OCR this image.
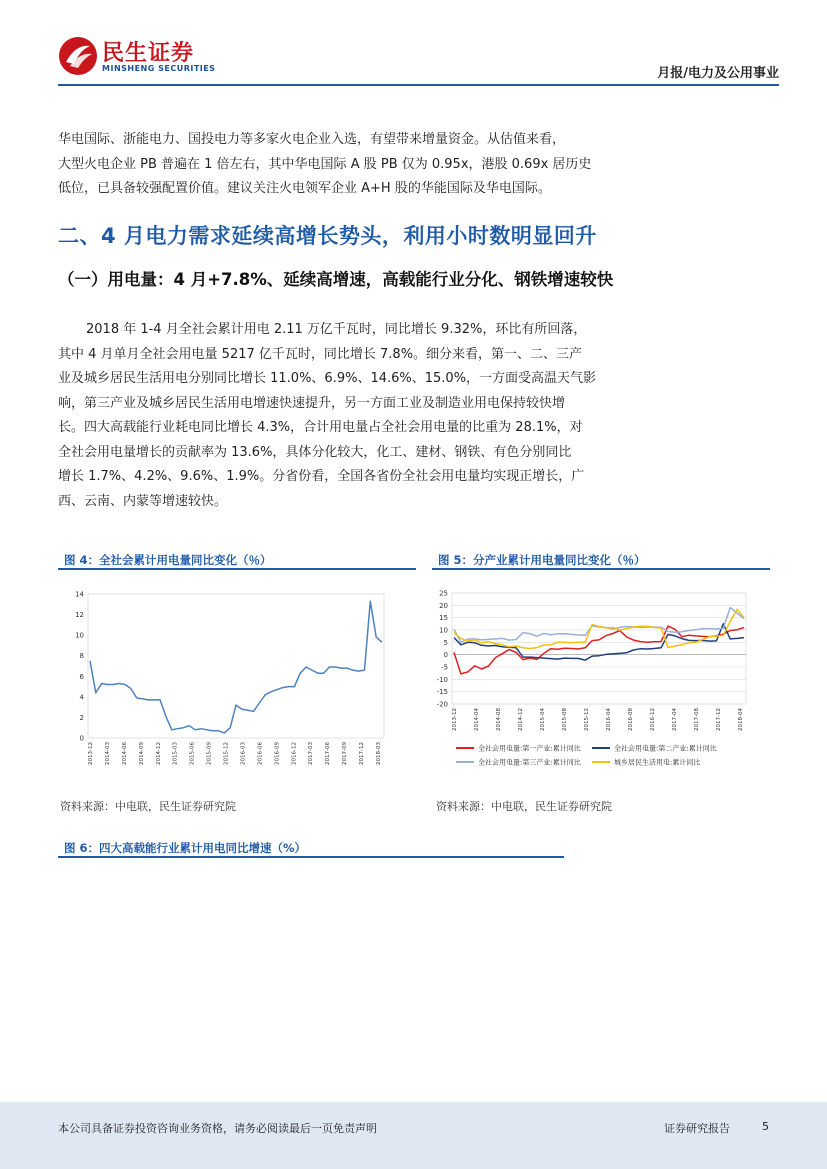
民生证券
MINSHENG SECURITIES	月报/电力及公用事业
华电国际、浙能电力、国投电力等多家火电企业入选，有望带来增量资金。从估值来看，
大型火电企业 PB 普遍在 1 倍左右，其中华电国际 A 股 PB 仅为 0.95x，港股 0.69x 居历史
低位，已具备较强配置价值。建议关注火电领军企业 A+H 股的华能国际及华电国际。
二、4 月电力需求延续高增长势头，利用小时数明显回升
（一）用电量：4 月+7.8%、延续高增速，高载能行业分化、钢铁增速较快
2018 年 1-4 月全社会累计用电 2.11 万亿千瓦时，同比增长 9.32%，环比有所回落，
其中 4 月单月全社会用电量 5217 亿千瓦时，同比增长 7.8%。细分来看，第一、二、三产
业及城乡居民生活用电分别同比增长 11.0%、6.9%、14.6%、15.0%，一方面受高温天气影
响，第三产业及城乡居民生活用电增速快速提升，另一方面工业及制造业用电保持较快增
长。四大高载能行业耗电同比增长 4.3%，合计用电量占全社会用电量的比重为 28.1%，对
全社会用电量增长的贡献率为 13.6%，具体分化较大，化工、建材、钢铁、有色分别同比
增长 1.7%、4.2%、9.6%、1.9%。分省份看，全国各省份全社会用电量均实现正增长，广
西、云南、内蒙等增速较快。
图 4：全社会累计用电量同比变化（％）
0
2
4
6
8
10
12
14
2013-12 2014-03 2014-06 2014-09 2014-12 2015-03 2015-06 2015-09 2015-12 2016-03 2016-06 2016-09 2016-12 2017-03 2017-06 2017-09 2017-12 2018-03
资料来源：中电联，民生证券研究院
图 5：分产业累计用电量同比变化（％）
-20
-15
-10
-5
0
5
10
15
20
25
2013-12	2014-04	2014-08	2014-12	2015-04	2015-08	2015-12	2016-04	2016-08	2016-12	2017-04	2017-08	2017-12	2018-04
全社会用电量:第一产业:累计同比	全社会用电量:第二产业:累计同比
全社会用电量:第三产业:累计同比	城乡居民生活用电:累计同比
资料来源：中电联，民生证券研究院
图 6：四大高载能行业累计用电同比增速（%）
本公司具备证券投资咨询业务资格，请务必阅读最后一页免责声明	证券研究报告	5
